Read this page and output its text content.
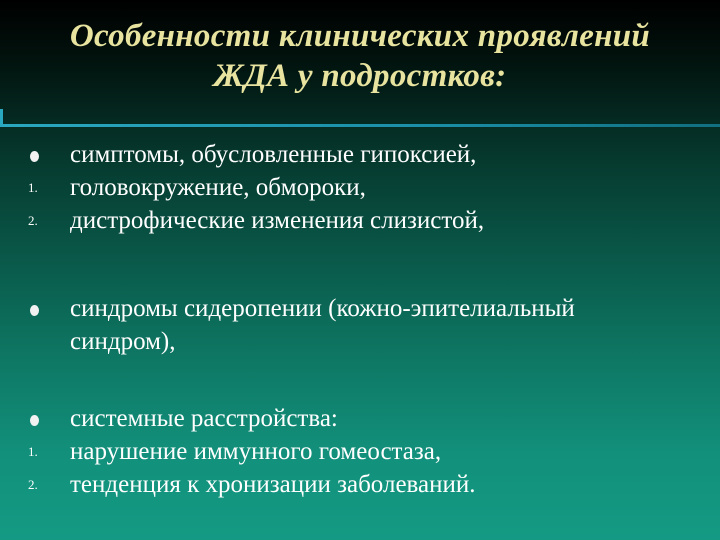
Особенности клинических проявлений
ЖДА у подростков:
симптомы, обусловленные гипоксией,
1.	головокружение, обмороки,
2.	дистрофические изменения слизистой,
синдромы сидеропении (кожно-эпителиальный
синдром),
системные расстройства:
1.	нарушение иммунного гомеостаза,
2.	тенденция к хронизации заболеваний.
